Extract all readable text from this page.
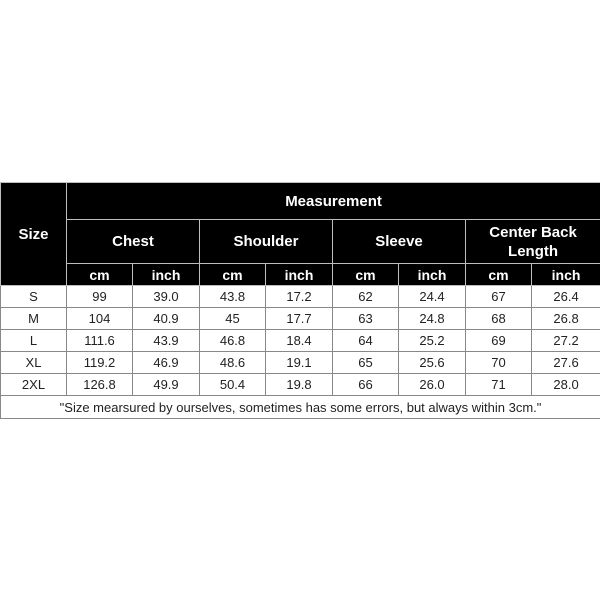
Size	Measurement							
	Chest		Shoulder		Sleeve		Center Back Length	
	cm	inch	cm	inch	cm	inch	cm	inch
S	99	39.0	43.8	17.2	62	24.4	67	26.4
M	104	40.9	45	17.7	63	24.8	68	26.8
L	111.6	43.9	46.8	18.4	64	25.2	69	27.2
XL	119.2	46.9	48.6	19.1	65	25.6	70	27.6
2XL	126.8	49.9	50.4	19.8	66	26.0	71	28.0
"Size mearsured by ourselves, sometimes has some errors, but always within 3cm."								
